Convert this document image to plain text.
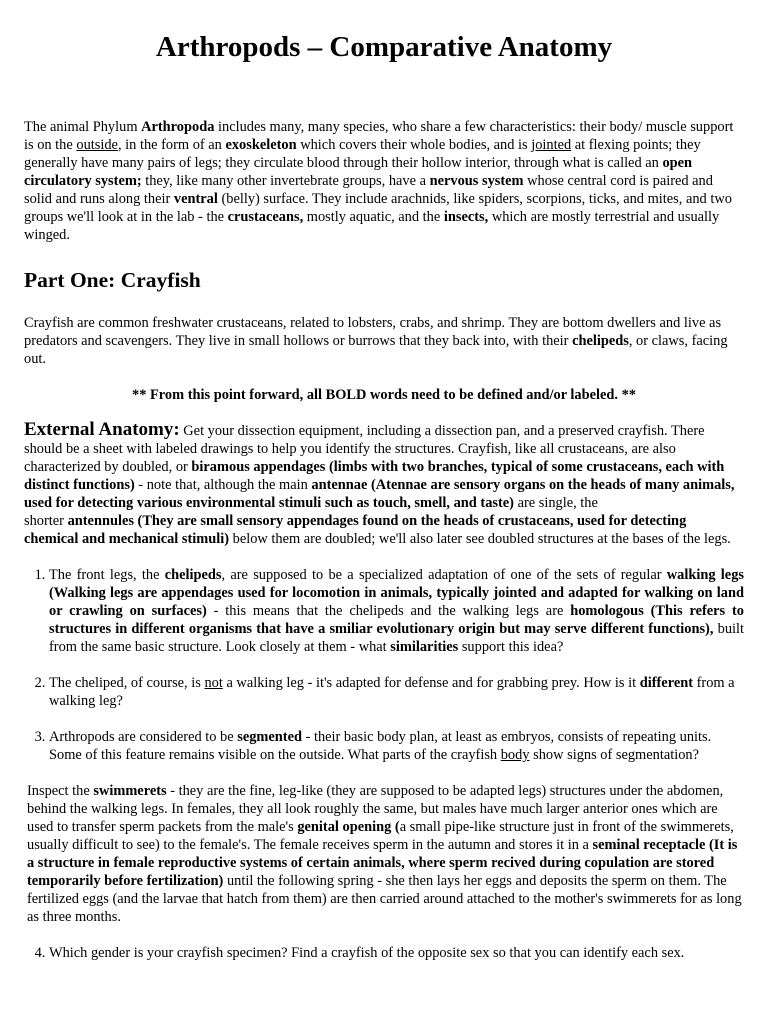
Arthropods – Comparative Anatomy

The animal Phylum Arthropoda includes many, many species, who share a few characteristics: their body/ muscle support is on the outside, in the form of an exoskeleton which covers their whole bodies, and is jointed at flexing points; they generally have many pairs of legs; they circulate blood through their hollow interior, through what is called an open circulatory system; they, like many other invertebrate groups, have a nervous system whose central cord is paired and solid and runs along their ventral (belly) surface. They include arachnids, like spiders, scorpions, ticks, and mites, and two groups we'll look at in the lab - the crustaceans, mostly aquatic, and the insects, which are mostly terrestrial and usually winged.

Part One: Crayfish

Crayfish are common freshwater crustaceans, related to lobsters, crabs, and shrimp. They are bottom dwellers and live as predators and scavengers. They live in small hollows or burrows that they back into, with their chelipeds, or claws, facing out.

** From this point forward, all BOLD words need to be defined and/or labeled. **

External Anatomy: Get your dissection equipment, including a dissection pan, and a preserved crayfish. There should be a sheet with labeled drawings to help you identify the structures. Crayfish, like all crustaceans, are also characterized by doubled, or biramous appendages (limbs with two branches, typical of some crustaceans, each with distinct functions) - note that, although the main antennae (Atennae are sensory organs on the heads of many animals, used for detecting various environmental stimuli such as touch, smell, and taste) are single, the
shorter antennules (They are small sensory appendages found on the heads of crustaceans, used for detecting chemical and mechanical stimuli) below them are doubled; we'll also later see doubled structures at the bases of the legs.

1. The front legs, the chelipeds, are supposed to be a specialized adaptation of one of the sets of regular walking legs (Walking legs are appendages used for locomotion in animals, typically jointed and adapted for walking on land or crawling on surfaces) - this means that the chelipeds and the walking legs are homologous (This refers to structures in different organisms that have a smiliar evolutionary origin but may serve different functions), built from the same basic structure. Look closely at them - what similarities support this idea?
2. The cheliped, of course, is not a walking leg - it's adapted for defense and for grabbing prey. How is it different from a walking leg?
3. Arthropods are considered to be segmented - their basic body plan, at least as embryos, consists of repeating units. Some of this feature remains visible on the outside. What parts of the crayfish body show signs of segmentation?

Inspect the swimmerets - they are the fine, leg-like (they are supposed to be adapted legs) structures under the abdomen, behind the walking legs. In females, they all look roughly the same, but males have much larger anterior ones which are used to transfer sperm packets from the male's genital opening (a small pipe-like structure just in front of the swimmerets, usually difficult to see) to the female's. The female receives sperm in the autumn and stores it in a seminal receptacle (It is a structure in female reproductive systems of certain animals, where sperm recived during copulation are stored temporarily before fertilization) until the following spring - she then lays her eggs and deposits the sperm on them. The fertilized eggs (and the larvae that hatch from them) are then carried around attached to the mother's swimmerets for as long as three months.

4. Which gender is your crayfish specimen? Find a crayfish of the opposite sex so that you can identify each sex.
